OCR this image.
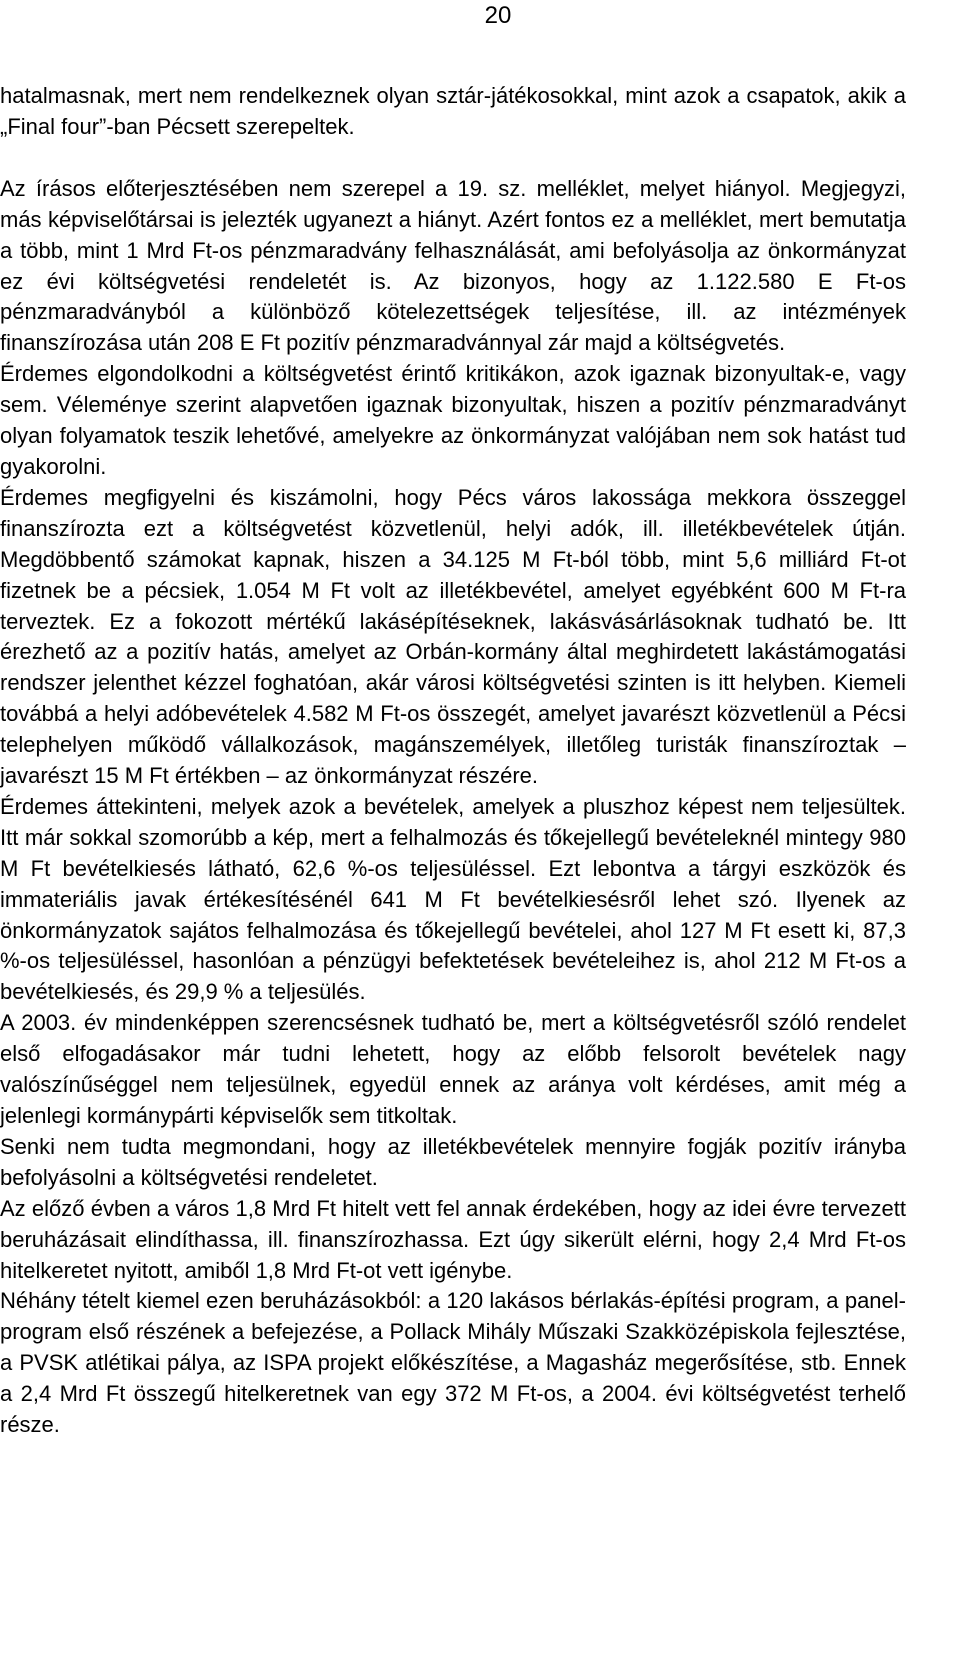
20

hatalmasnak, mert nem rendelkeznek olyan sztár-játékosokkal, mint azok a csapatok, akik a „Final four”-ban Pécsett szerepeltek.

Az írásos előterjesztésében nem szerepel a 19. sz. melléklet, melyet hiányol. Megjegyzi, más képviselőtársai is jelezték ugyanezt a hiányt. Azért fontos ez a melléklet, mert bemutatja a több, mint 1 Mrd Ft-os pénzmaradvány felhasználását, ami befolyásolja az önkormányzat ez évi költségvetési rendeletét is. Az bizonyos, hogy az 1.122.580 E Ft-os pénzmaradványból a különböző kötelezettségek teljesítése, ill. az intézmények finanszírozása után 208 E Ft pozitív pénzmaradvánnyal zár majd a költségvetés.

Érdemes elgondolkodni a költségvetést érintő kritikákon, azok igaznak bizonyultak-e, vagy sem. Véleménye szerint alapvetően igaznak bizonyultak, hiszen a pozitív pénzmaradványt olyan folyamatok teszik lehetővé, amelyekre az önkormányzat valójában nem sok hatást tud gyakorolni.

Érdemes megfigyelni és kiszámolni, hogy Pécs város lakossága mekkora összeggel finanszírozta ezt a költségvetést közvetlenül, helyi adók, ill. illetékbevételek útján. Megdöbbentő számokat kapnak, hiszen a 34.125 M Ft-ból több, mint 5,6 milliárd Ft-ot fizetnek be a pécsiek, 1.054 M Ft volt az illetékbevétel, amelyet egyébként 600 M Ft-ra terveztek. Ez a fokozott mértékű lakásépítéseknek, lakásvásárlásoknak tudható be. Itt érezhető az a pozitív hatás, amelyet az Orbán-kormány által meghirdetett lakástámogatási rendszer jelenthet kézzel foghatóan, akár városi költségvetési szinten is itt helyben. Kiemeli továbbá a helyi adóbevételek 4.582 M Ft-os összegét, amelyet javarészt közvetlenül a Pécsi telephelyen működő vállalkozások, magánszemélyek, illetőleg turisták finanszíroztak – javarészt 15 M Ft értékben – az önkormányzat részére.

Érdemes áttekinteni, melyek azok a bevételek, amelyek a pluszhoz képest nem teljesültek. Itt már sokkal szomorúbb a kép, mert a felhalmozás és tőkejellegű bevételeknél mintegy 980 M Ft bevételkiesés látható, 62,6 %-os teljesüléssel. Ezt lebontva a tárgyi eszközök és immateriális javak értékesítésénél 641 M Ft bevételkiesésről lehet szó. Ilyenek az önkormányzatok sajátos felhalmozása és tőkejellegű bevételei, ahol 127 M Ft esett ki, 87,3 %-os teljesüléssel, hasonlóan a pénzügyi befektetések bevételeihez is, ahol 212 M Ft-os a bevételkiesés, és 29,9 % a teljesülés.

A 2003. év mindenképpen szerencsésnek tudható be, mert a költségvetésről szóló rendelet első elfogadásakor már tudni lehetett, hogy az előbb felsorolt bevételek nagy valószínűséggel nem teljesülnek, egyedül ennek az aránya volt kérdéses, amit még a jelenlegi kormánypárti képviselők sem titkoltak.

Senki nem tudta megmondani, hogy az illetékbevételek mennyire fogják pozitív irányba befolyásolni a költségvetési rendeletet.

Az előző évben a város 1,8 Mrd Ft hitelt vett fel annak érdekében, hogy az idei évre tervezett beruházásait elindíthassa, ill. finanszírozhassa. Ezt úgy sikerült elérni, hogy 2,4 Mrd Ft-os hitelkeretet nyitott, amiből 1,8 Mrd Ft-ot vett igénybe.

Néhány tételt kiemel ezen beruházásokból: a 120 lakásos bérlakás-építési program, a panel-program első részének a befejezése, a Pollack Mihály Műszaki Szakközépiskola fejlesztése, a PVSK atlétikai pálya, az ISPA projekt előkészítése, a Magasház megerősítése, stb. Ennek a 2,4 Mrd Ft összegű hitelkeretnek van egy 372 M Ft-os, a 2004. évi költségvetést terhelő része.
